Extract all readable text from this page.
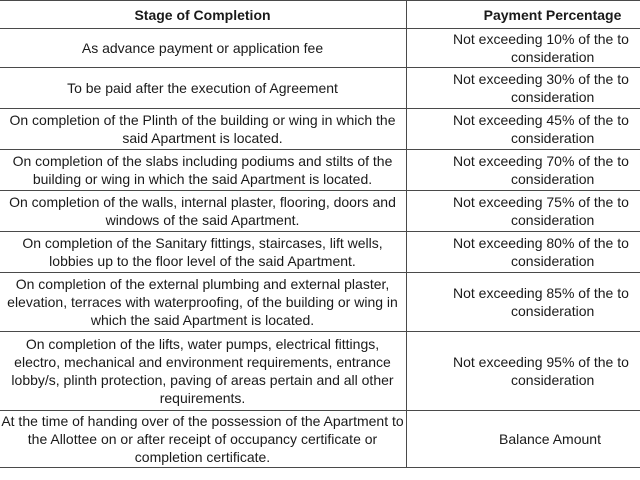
Stage of Completion	Payment Percentage
As advance payment or application fee	Not exceeding 10% of the to
consideration

To be paid after the execution of Agreement	Not exceeding 30% of the to
consideration

On completion of the Plinth of the building or wing in which the said Apartment is located.	Not exceeding 45% of the to
consideration

On completion of the slabs including podiums and stilts of the building or wing in which the said Apartment is located.	Not exceeding 70% of the to
consideration

On completion of the walls, internal plaster, flooring, doors and windows of the said Apartment.	Not exceeding 75% of the to
consideration

On completion of the Sanitary fittings, staircases, lift wells, lobbies up to the floor level of the said Apartment.	Not exceeding 80% of the to
consideration

On completion of the external plumbing and external plaster, elevation, terraces with waterproofing, of the building or wing in which the said Apartment is located.	Not exceeding 85% of the to
consideration

On completion of the lifts, water pumps, electrical fittings, electro, mechanical and environment requirements, entrance lobby/s, plinth protection, paving of areas pertain and all other requirements.	Not exceeding 95% of the to
consideration

At the time of handing over of the possession of the Apartment to the Allottee on or after receipt of occupancy certificate or completion certificate.	Balance Amount
